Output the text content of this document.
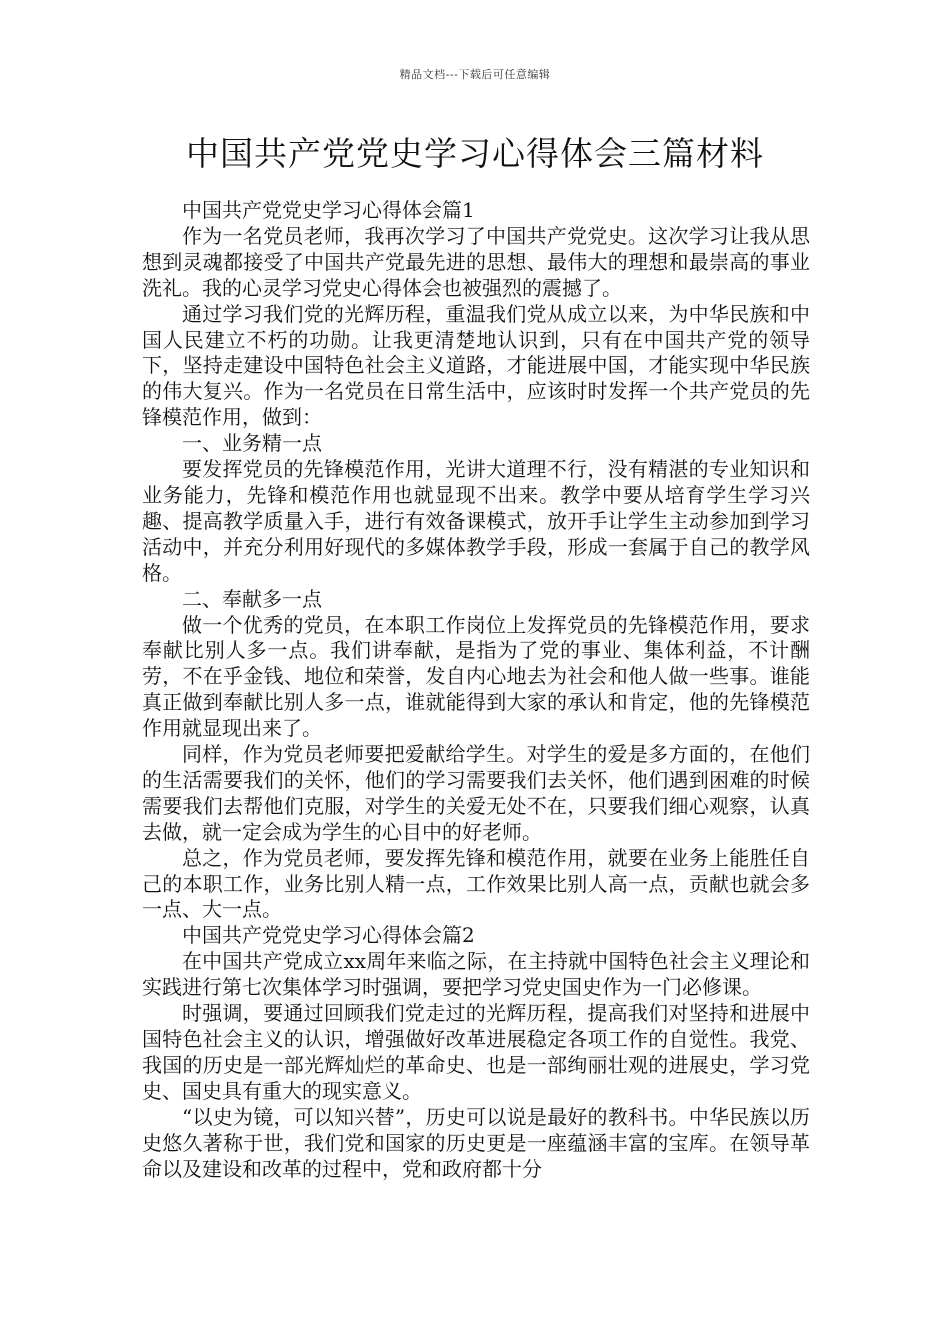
精品文档---下载后可任意编辑
中国共产党党史学习心得体会三篇材料

中国共产党党史学习心得体会篇1

作为一名党员老师，我再次学习了中国共产党党史。这次学习让我从思想到灵魂都接受了中国共产党最先进的思想、最伟大的理想和最崇高的事业洗礼。我的心灵学习党史心得体会也被强烈的震撼了。

通过学习我们党的光辉历程，重温我们党从成立以来，为中华民族和中国人民建立不朽的功勋。让我更清楚地认识到，只有在中国共产党的领导下，坚持走建设中国特色社会主义道路，才能进展中国，才能实现中华民族的伟大复兴。作为一名党员在日常生活中，应该时时发挥一个共产党员的先锋模范作用，做到：

一、业务精一点

要发挥党员的先锋模范作用，光讲大道理不行，没有精湛的专业知识和业务能力，先锋和模范作用也就显现不出来。教学中要从培育学生学习兴趣、提高教学质量入手，进行有效备课模式，放开手让学生主动参加到学习活动中，并充分利用好现代的多媒体教学手段，形成一套属于自己的教学风格。

二、奉献多一点

做一个优秀的党员，在本职工作岗位上发挥党员的先锋模范作用，要求奉献比别人多一点。我们讲奉献，是指为了党的事业、集体利益，不计酬劳，不在乎金钱、地位和荣誉，发自内心地去为社会和他人做一些事。谁能真正做到奉献比别人多一点，谁就能得到大家的承认和肯定，他的先锋模范作用就显现出来了。

同样，作为党员老师要把爱献给学生。对学生的爱是多方面的，在他们的生活需要我们的关怀，他们的学习需要我们去关怀，他们遇到困难的时候需要我们去帮他们克服，对学生的关爱无处不在，只要我们细心观察，认真去做，就一定会成为学生的心目中的好老师。

总之，作为党员老师，要发挥先锋和模范作用，就要在业务上能胜任自己的本职工作，业务比别人精一点，工作效果比别人高一点，贡献也就会多一点、大一点。

中国共产党党史学习心得体会篇2

在中国共产党成立xx周年来临之际，在主持就中国特色社会主义理论和实践进行第七次集体学习时强调，要把学习党史国史作为一门必修课。

时强调，要通过回顾我们党走过的光辉历程，提高我们对坚持和进展中国特色社会主义的认识，增强做好改革进展稳定各项工作的自觉性。我党、我国的历史是一部光辉灿烂的革命史、也是一部绚丽壮观的进展史，学习党史、国史具有重大的现实意义。

“以史为镜，可以知兴替”，历史可以说是最好的教科书。中华民族以历史悠久著称于世，我们党和国家的历史更是一座蕴涵丰富的宝库。在领导革命以及建设和改革的过程中，党和政府都十分
